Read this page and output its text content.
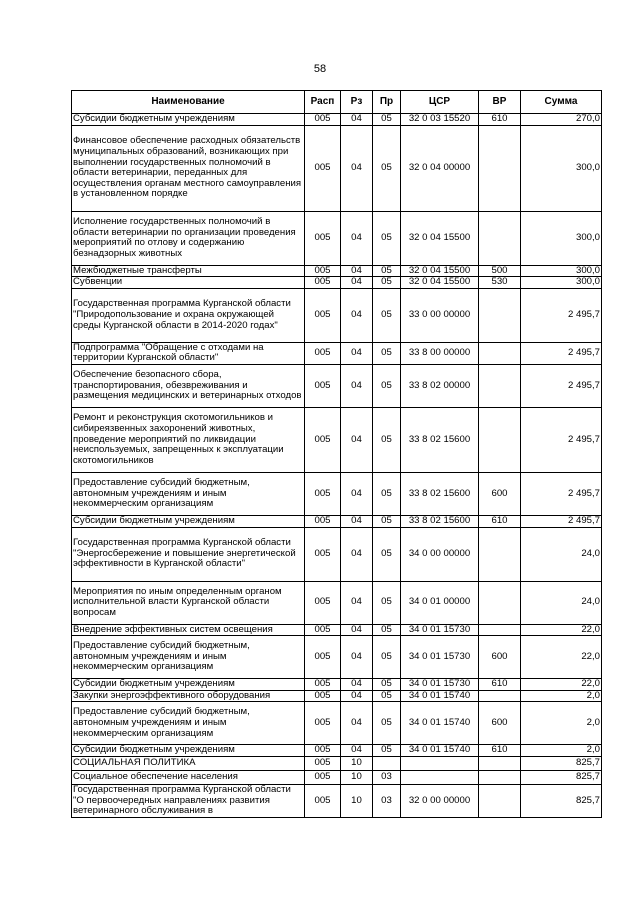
58
Наименование	Расп	Рз	Пр	ЦСР	ВР	Сумма
Субсидии бюджетным учреждениям	005	04	05	32 0 03 15520	610	270,0
Финансовое обеспечение расходных обязательств муниципальных образований, возникающих при выполнении государственных полномочий в области ветеринарии, переданных для осуществления органам местного самоуправления в установленном порядке	005	04	05	32 0 04 00000		300,0
Исполнение государственных полномочий в области ветеринарии по организации проведения мероприятий по отлову и содержанию безнадзорных животных	005	04	05	32 0 04 15500		300,0
Межбюджетные трансферты	005	04	05	32 0 04 15500	500	300,0
Субвенции	005	04	05	32 0 04 15500	530	300,0
Государственная программа Курганской области "Природопользование и охрана окружающей среды Курганской области в 2014-2020 годах"	005	04	05	33 0 00 00000		2 495,7
Подпрограмма "Обращение с отходами на территории Курганской области"	005	04	05	33 8 00 00000		2 495,7
Обеспечение безопасного сбора, транспортирования, обезвреживания и размещения медицинских и ветеринарных отходов	005	04	05	33 8 02 00000		2 495,7
Ремонт и реконструкция скотомогильников и сибиреязвенных захоронений животных, проведение мероприятий по ликвидации неиспользуемых, запрещенных к эксплуатации скотомогильников	005	04	05	33 8 02 15600		2 495,7
Предоставление субсидий бюджетным, автономным учреждениям и иным некоммерческим организациям	005	04	05	33 8 02 15600	600	2 495,7
Субсидии бюджетным учреждениям	005	04	05	33 8 02 15600	610	2 495,7
Государственная программа Курганской области "Энергосбережение и повышение энергетической эффективности в Курганской области"	005	04	05	34 0 00 00000		24,0
Мероприятия по иным определенным органом исполнительной власти Курганской области вопросам	005	04	05	34 0 01 00000		24,0
Внедрение эффективных систем освещения	005	04	05	34 0 01 15730		22,0
Предоставление субсидий бюджетным, автономным учреждениям и иным некоммерческим организациям	005	04	05	34 0 01 15730	600	22,0
Субсидии бюджетным учреждениям	005	04	05	34 0 01 15730	610	22,0
Закупки энергоэффективного оборудования	005	04	05	34 0 01 15740		2,0
Предоставление субсидий бюджетным, автономным учреждениям и иным некоммерческим организациям	005	04	05	34 0 01 15740	600	2,0
Субсидии бюджетным учреждениям	005	04	05	34 0 01 15740	610	2,0
СОЦИАЛЬНАЯ ПОЛИТИКА	005	10				825,7
Социальное обеспечение населения	005	10	03			825,7
Государственная программа Курганской области "О первоочередных направлениях развития ветеринарного обслуживания в	005	10	03	32 0 00 00000		825,7
